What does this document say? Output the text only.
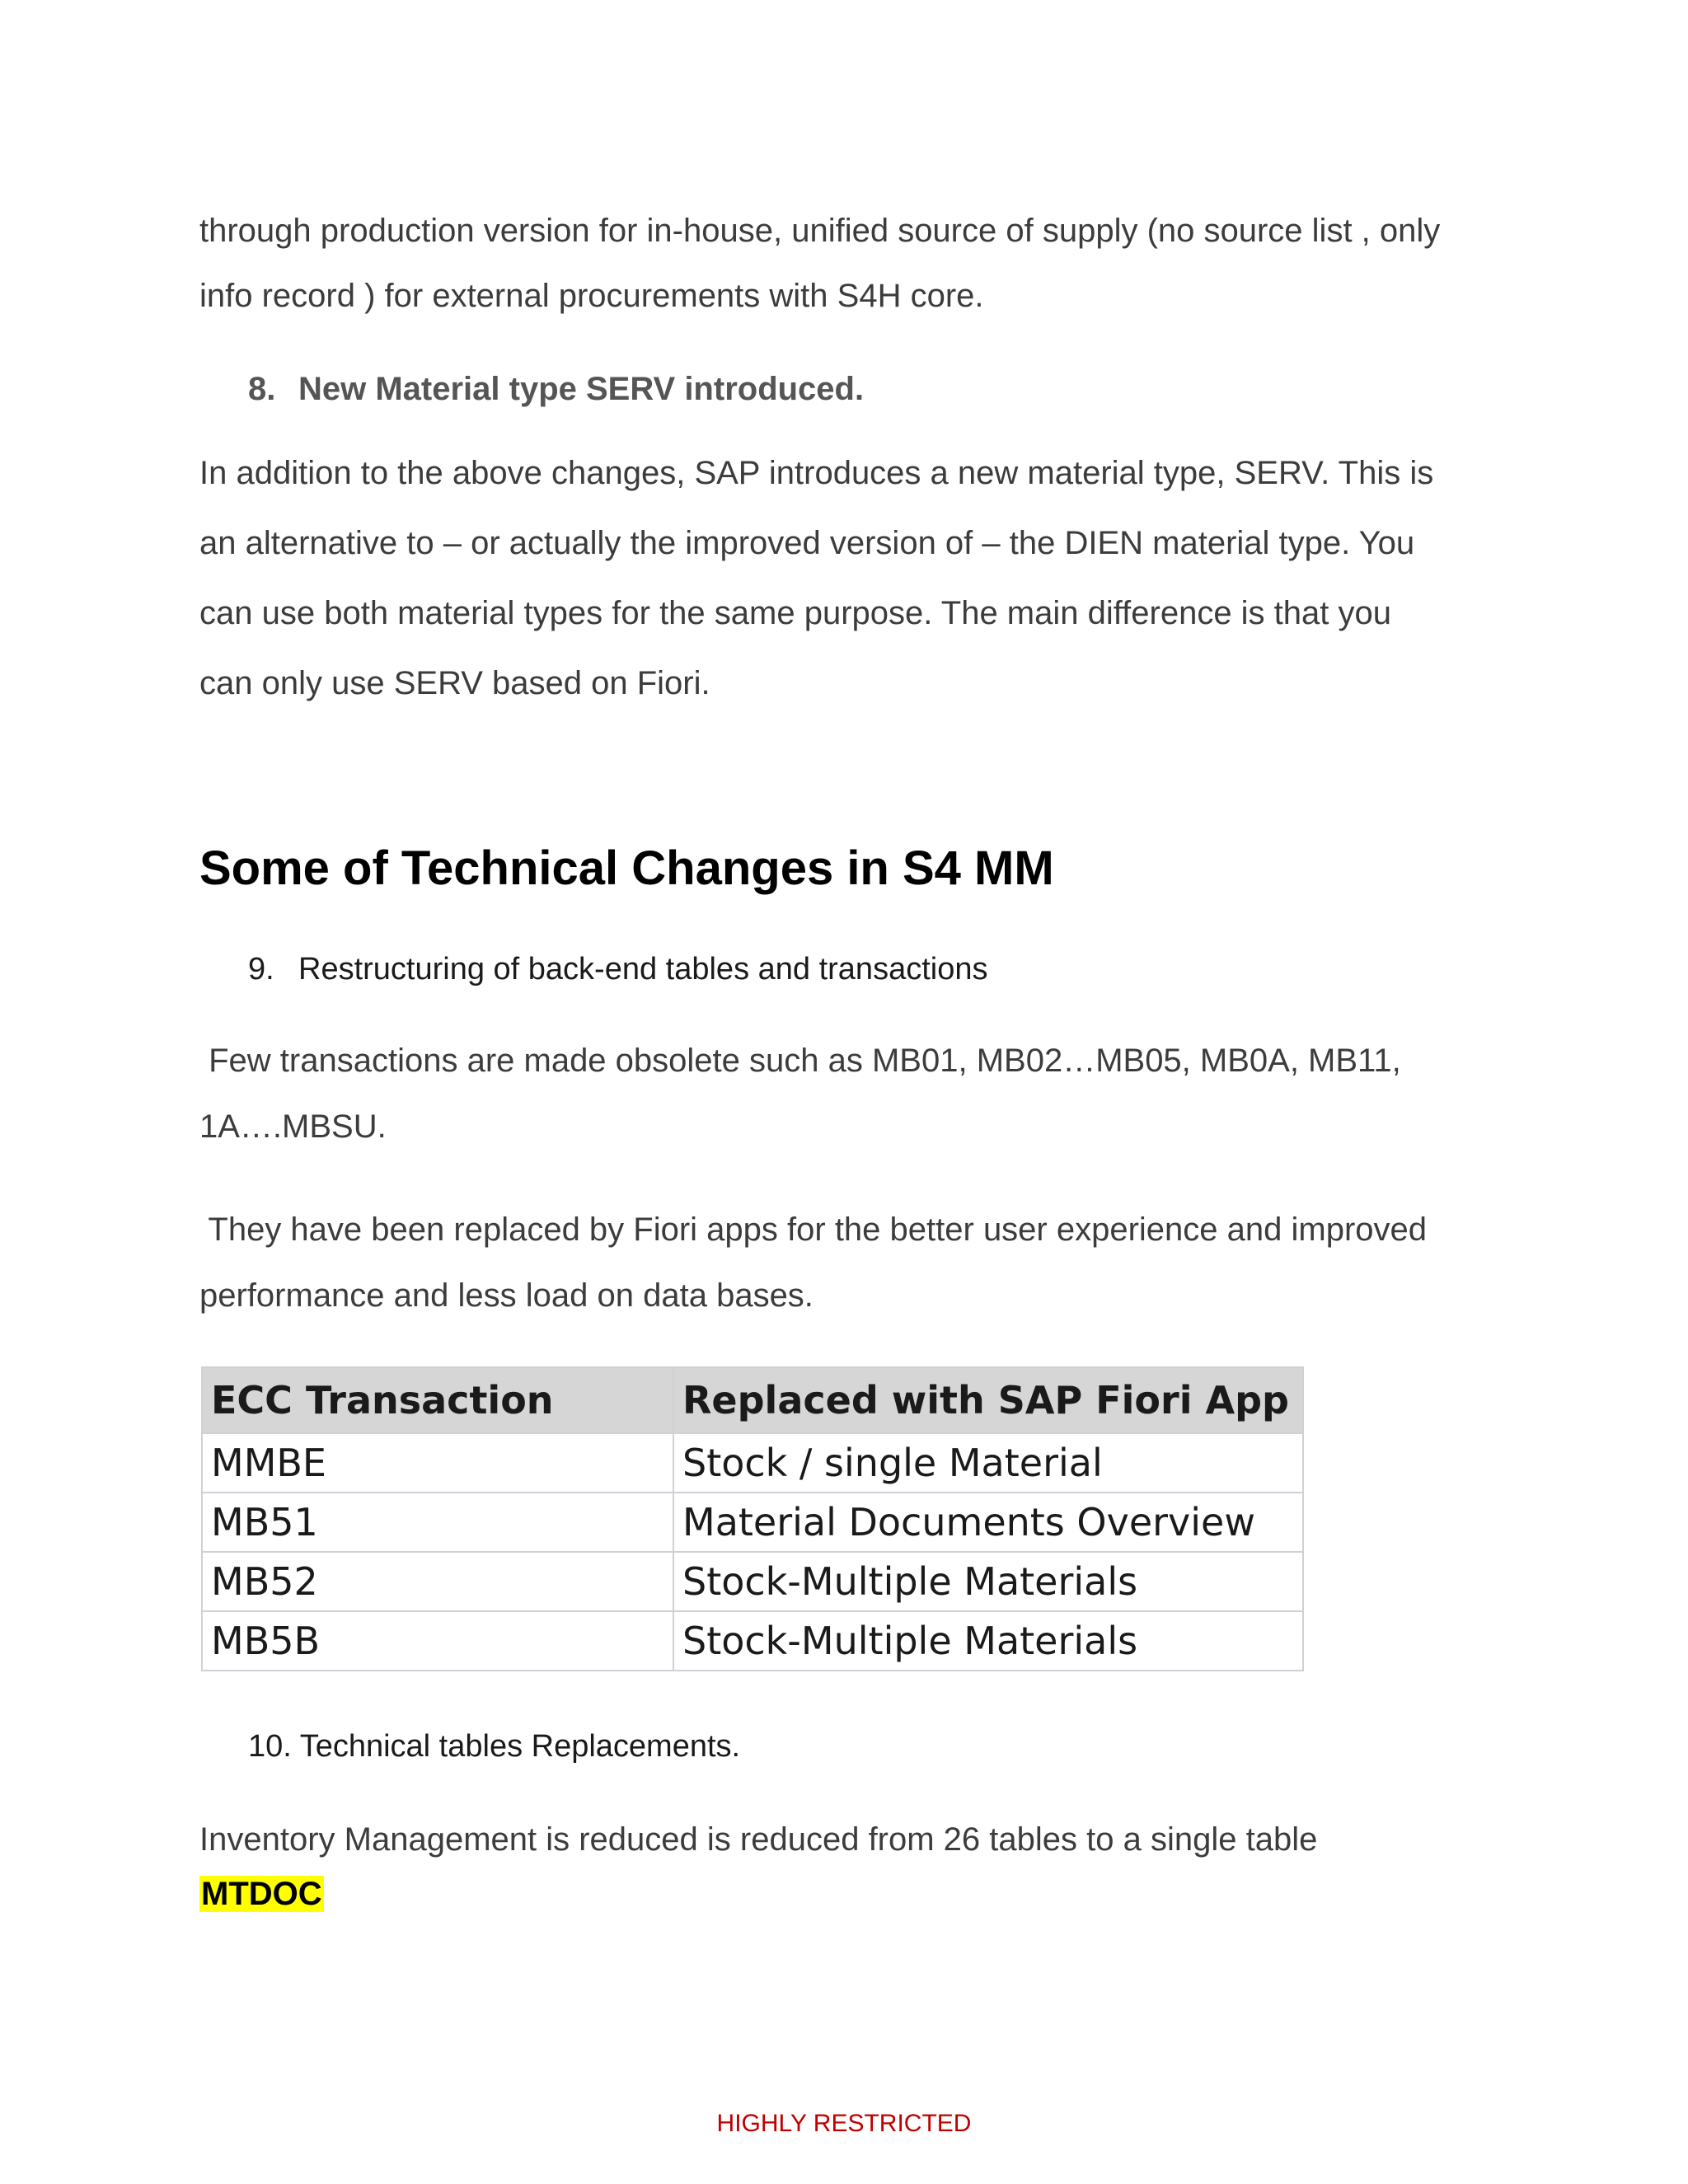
through production version for in-house, unified source of supply (no source list , only
info record ) for external procurements with S4H core.
8. New Material type SERV introduced.
In addition to the above changes, SAP introduces a new material type, SERV. This is
an alternative to – or actually the improved version of – the DIEN material type. You
can use both material types for the same purpose. The main difference is that you
can only use SERV based on Fiori.
Some of Technical Changes in S4 MM
9. Restructuring of back-end tables and transactions
Few transactions are made obsolete such as MB01, MB02…MB05, MB0A, MB11,
1A….MBSU.
They have been replaced by Fiori apps for the better user experience and improved
performance and less load on data bases.
ECC Transaction	Replaced with SAP Fiori App
MMBE	Stock / single Material
MB51	Material Documents Overview
MB52	Stock-Multiple Materials
MB5B	Stock-Multiple Materials
10. Technical tables Replacements.
Inventory Management is reduced is reduced from 26 tables to a single table
MTDOC
HIGHLY RESTRICTED
